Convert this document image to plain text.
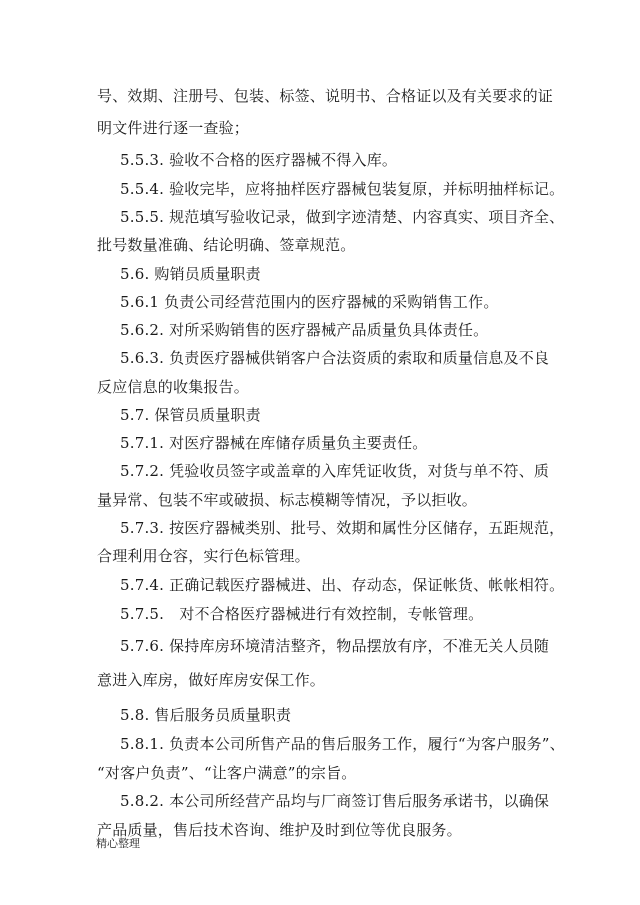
号、效期、注册号、包装、标签、说明书、合格证以及有关要求的证
明文件进行逐一查验；
5.5.3. 验收不合格的医疗器械不得入库。
5.5.4. 验收完毕，应将抽样医疗器械包装复原，并标明抽样标记。
5.5.5. 规范填写验收记录，做到字迹清楚、内容真实、项目齐全、
批号数量准确、结论明确、签章规范。
5.6. 购销员质量职责
5.6.1 负责公司经营范围内的医疗器械的采购销售工作。
5.6.2. 对所采购销售的医疗器械产品质量负具体责任。
5.6.3. 负责医疗器械供销客户合法资质的索取和质量信息及不良
反应信息的收集报告。
5.7. 保管员质量职责
5.7.1. 对医疗器械在库储存质量负主要责任。
5.7.2. 凭验收员签字或盖章的入库凭证收货，对货与单不符、质
量异常、包装不牢或破损、标志模糊等情况，予以拒收。
5.7.3. 按医疗器械类别、批号、效期和属性分区储存，五距规范，
合理利用仓容，实行色标管理。
5.7.4. 正确记载医疗器械进、出、存动态，保证帐货、帐帐相符。
5.7.5.　对不合格医疗器械进行有效控制，专帐管理。
5.7.6. 保持库房环境清洁整齐，物品摆放有序，不准无关人员随
意进入库房，做好库房安保工作。
5.8. 售后服务员质量职责
5.8.1. 负责本公司所售产品的售后服务工作，履行“为客户服务”、
“对客户负责”、“让客户满意”的宗旨。
5.8.2. 本公司所经营产品均与厂商签订售后服务承诺书，以确保
产品质量，售后技术咨询、维护及时到位等优良服务。
精心整理
